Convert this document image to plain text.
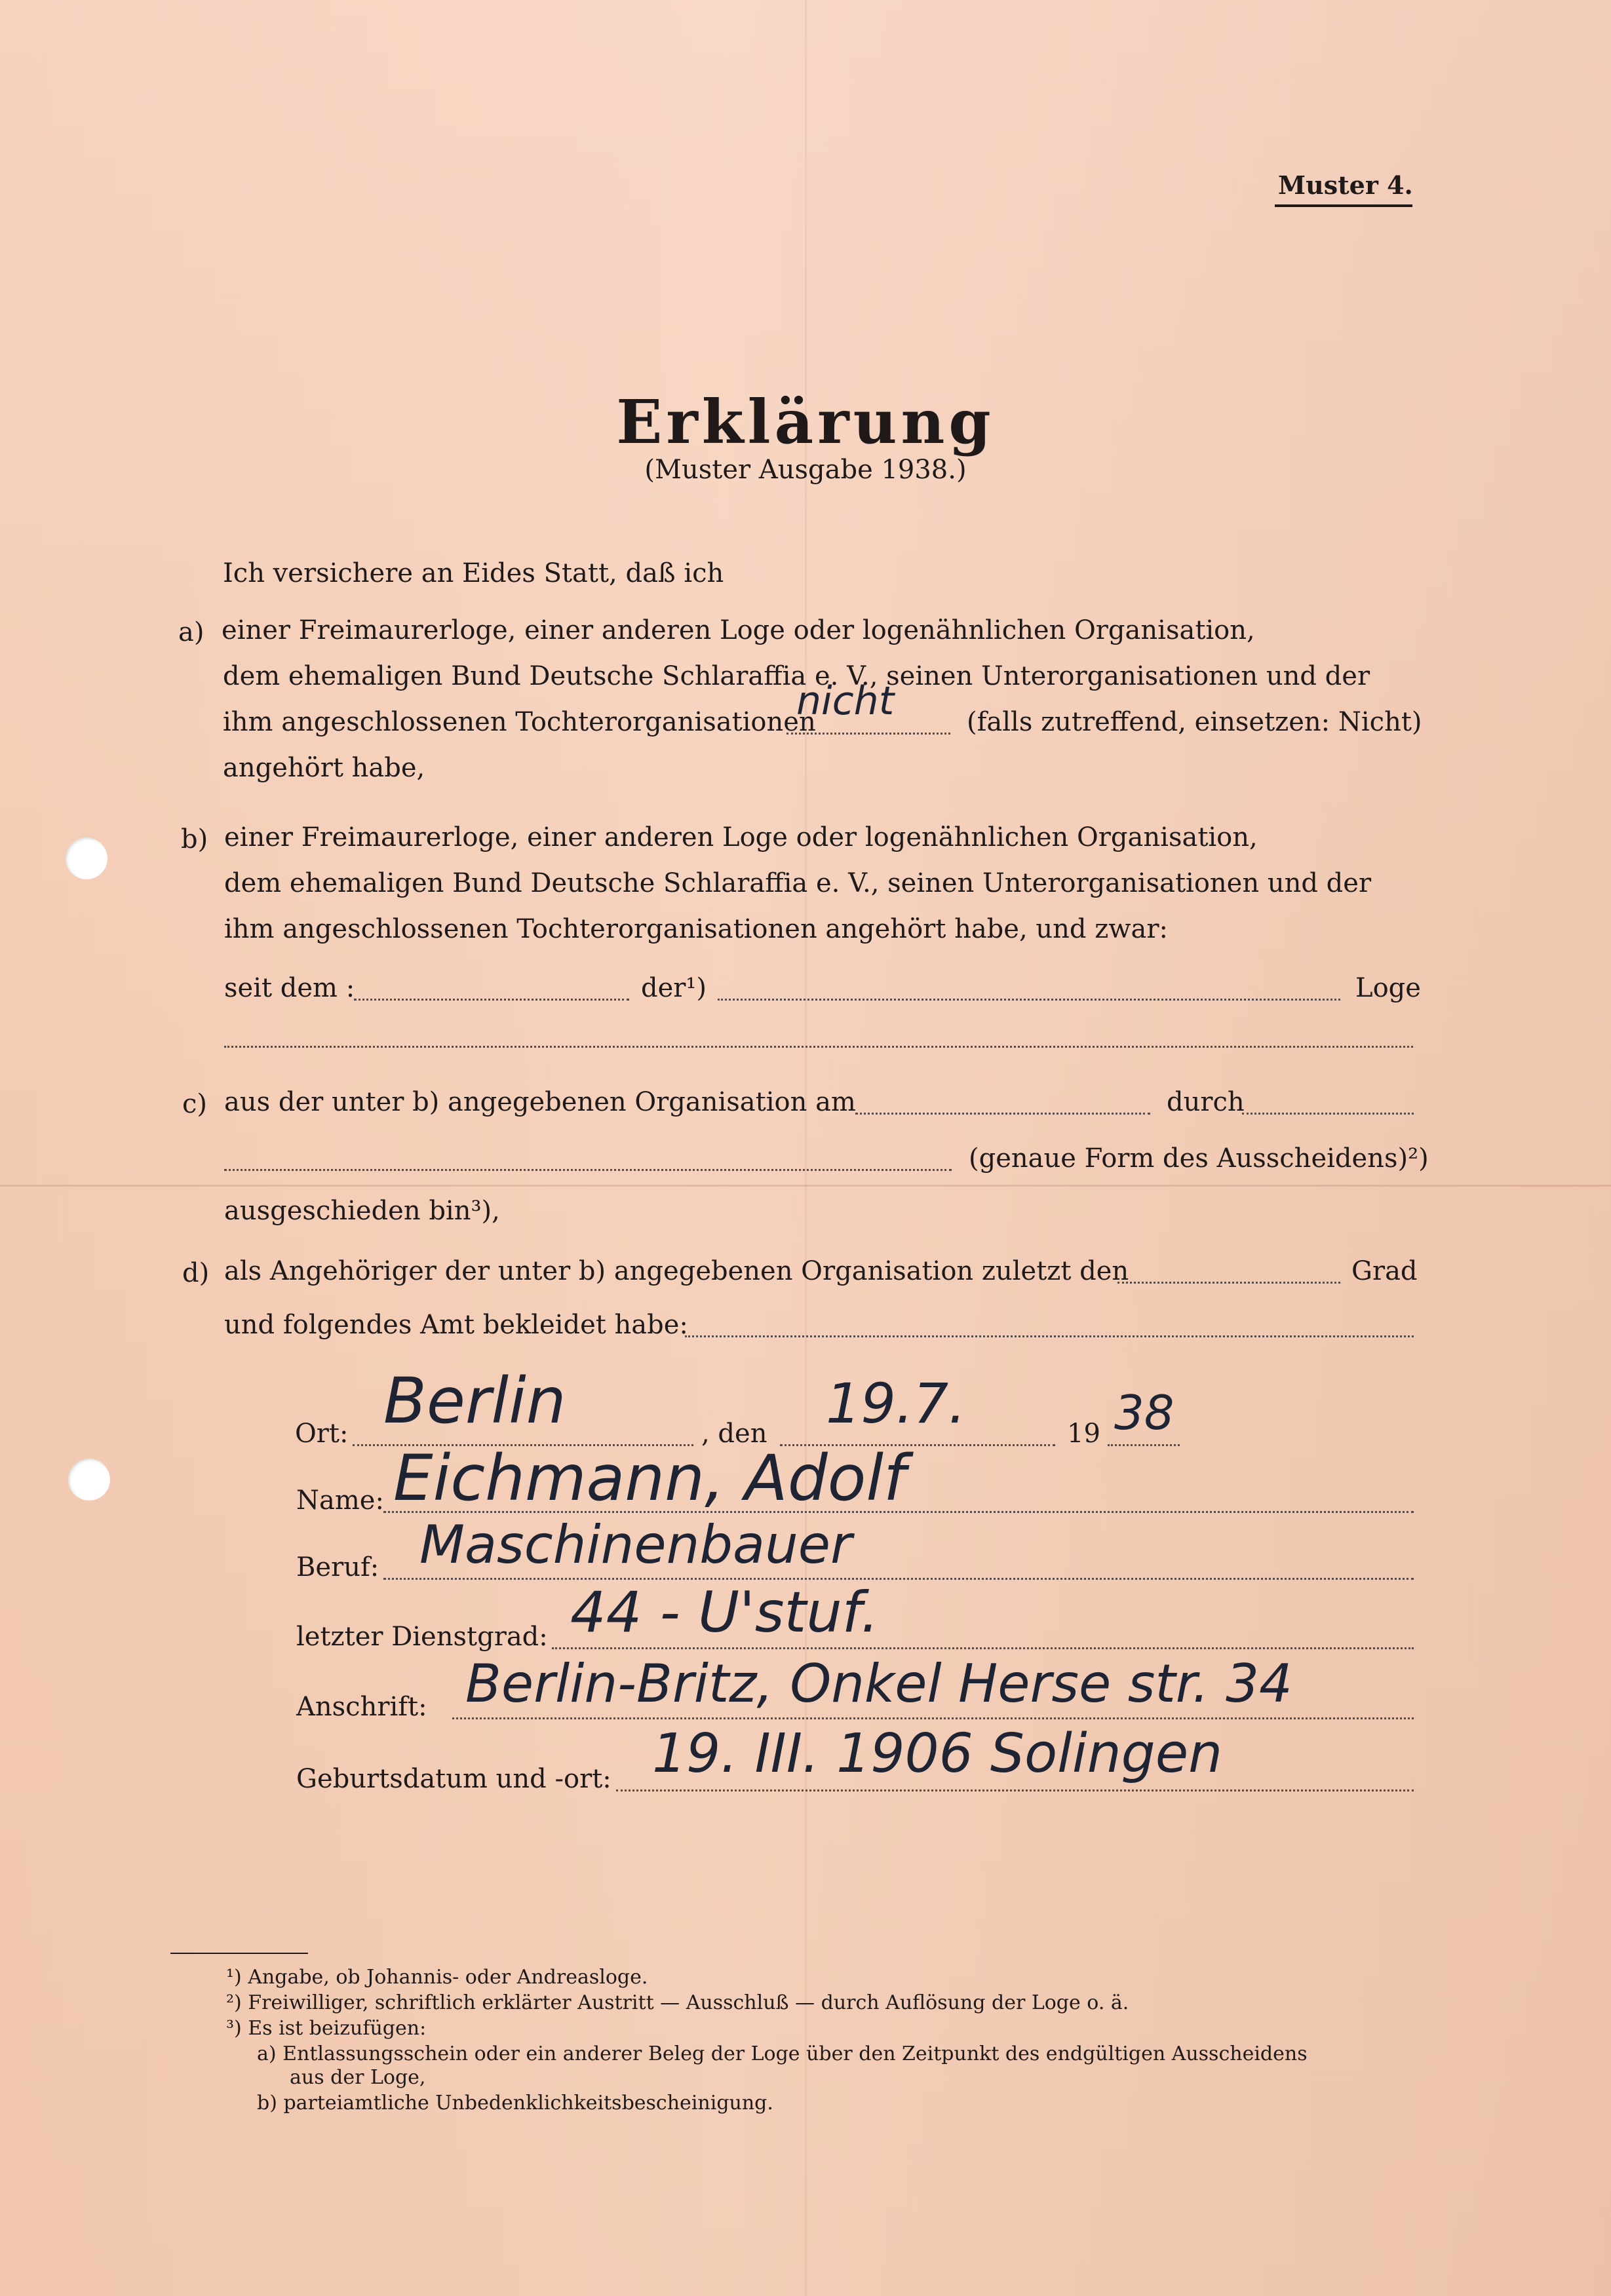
Muster 4.
Erklärung
(Muster Ausgabe 1938.)
Ich versichere an Eides Statt, daß ich
a) einer Freimaurerloge, einer anderen Loge oder logenähnlichen Organisation,
dem ehemaligen Bund Deutsche Schlaraffia e. V., seinen Unterorganisationen und der
ihm angeschlossenen Tochterorganisationen
nicht	(falls zutreffend, einsetzen: Nicht)
angehört habe,
b) einer Freimaurerloge, einer anderen Loge oder logenähnlichen Organisation,
dem ehemaligen Bund Deutsche Schlaraffia e. V., seinen Unterorganisationen und der
ihm angeschlossenen Tochterorganisationen angehört habe, und zwar:
seit dem :	der¹)	Loge
c) aus der unter b) angegebenen Organisation am	durch
(genaue Form des Ausscheidens)²)
ausgeschieden bin³),
d) als Angehöriger der unter b) angegebenen Organisation zuletzt den	Grad
und folgendes Amt bekleidet habe:
Ort: Berlin	, den 19.7.	19 38
Name: Eichmann, Adolf
Beruf: Maschinenbauer
letzter Dienstgrad: 44 - U'stuf.
Anschrift: Berlin-Britz, Onkel Herse str. 34
Geburtsdatum und -ort: 19. III. 1906 Solingen
¹) Angabe, ob Johannis- oder Andreasloge.
²) Freiwilliger, schriftlich erklärter Austritt — Ausschluß — durch Auflösung der Loge o. ä.
³) Es ist beizufügen:
a) Entlassungsschein oder ein anderer Beleg der Loge über den Zeitpunkt des endgültigen Ausscheidens
aus der Loge,
b) parteiamtliche Unbedenklichkeitsbescheinigung.
